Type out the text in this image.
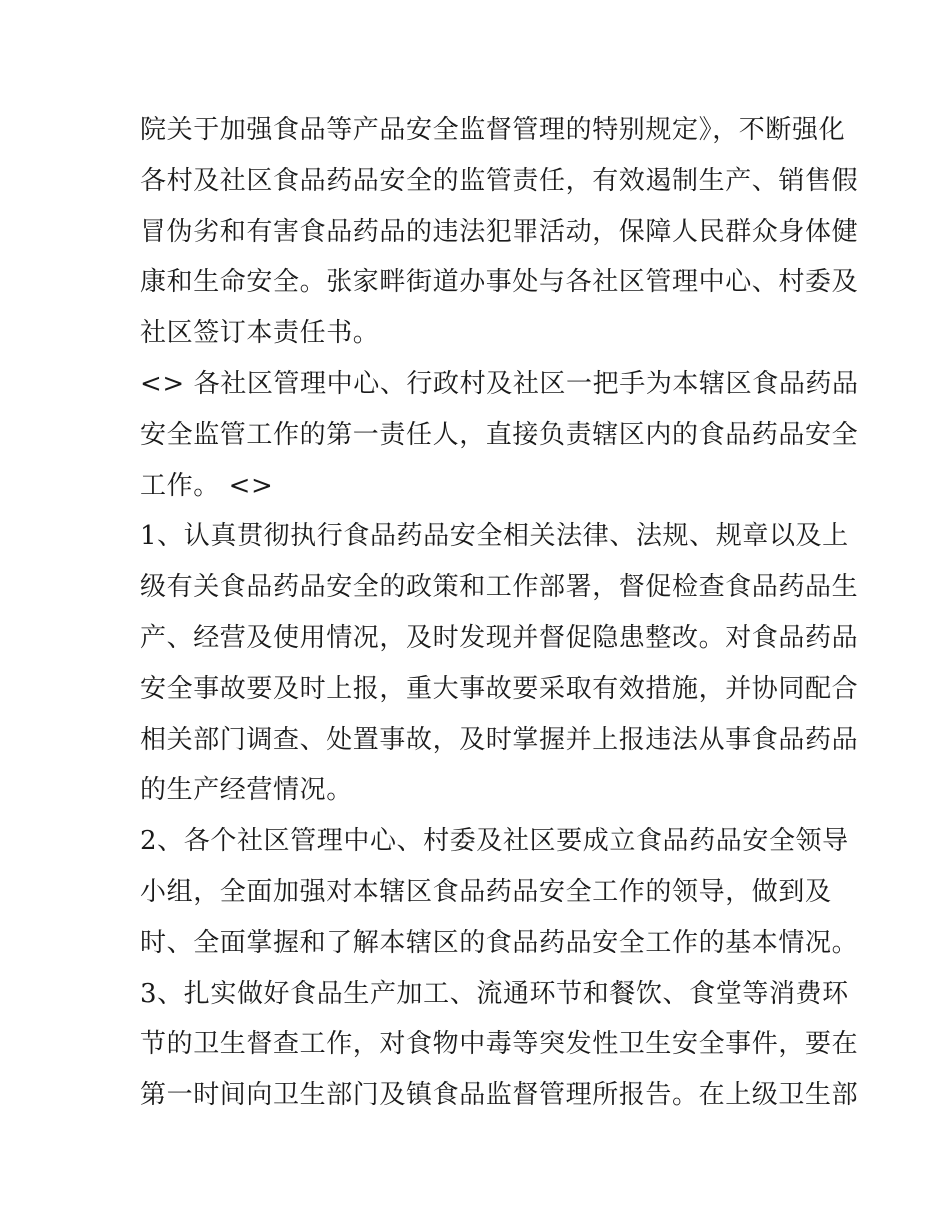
院关于加强食品等产品安全监督管理的特别规定》，不断强化
各村及社区食品药品安全的监管责任，有效遏制生产、销售假
冒伪劣和有害食品药品的违法犯罪活动，保障人民群众身体健
康和生命安全。张家畔街道办事处与各社区管理中心、村委及
社区签订本责任书。
<> 各社区管理中心、行政村及社区一把手为本辖区食品药品
安全监管工作的第一责任人，直接负责辖区内的食品药品安全
工作。 <>
1、认真贯彻执行食品药品安全相关法律、法规、规章以及上
级有关食品药品安全的政策和工作部署，督促检查食品药品生
产、经营及使用情况，及时发现并督促隐患整改。对食品药品
安全事故要及时上报，重大事故要采取有效措施，并协同配合
相关部门调查、处置事故，及时掌握并上报违法从事食品药品
的生产经营情况。
2、各个社区管理中心、村委及社区要成立食品药品安全领导
小组，全面加强对本辖区食品药品安全工作的领导，做到及
时、全面掌握和了解本辖区的食品药品安全工作的基本情况。
3、扎实做好食品生产加工、流通环节和餐饮、食堂等消费环
节的卫生督查工作，对食物中毒等突发性卫生安全事件，要在
第一时间向卫生部门及镇食品监督管理所报告。在上级卫生部
